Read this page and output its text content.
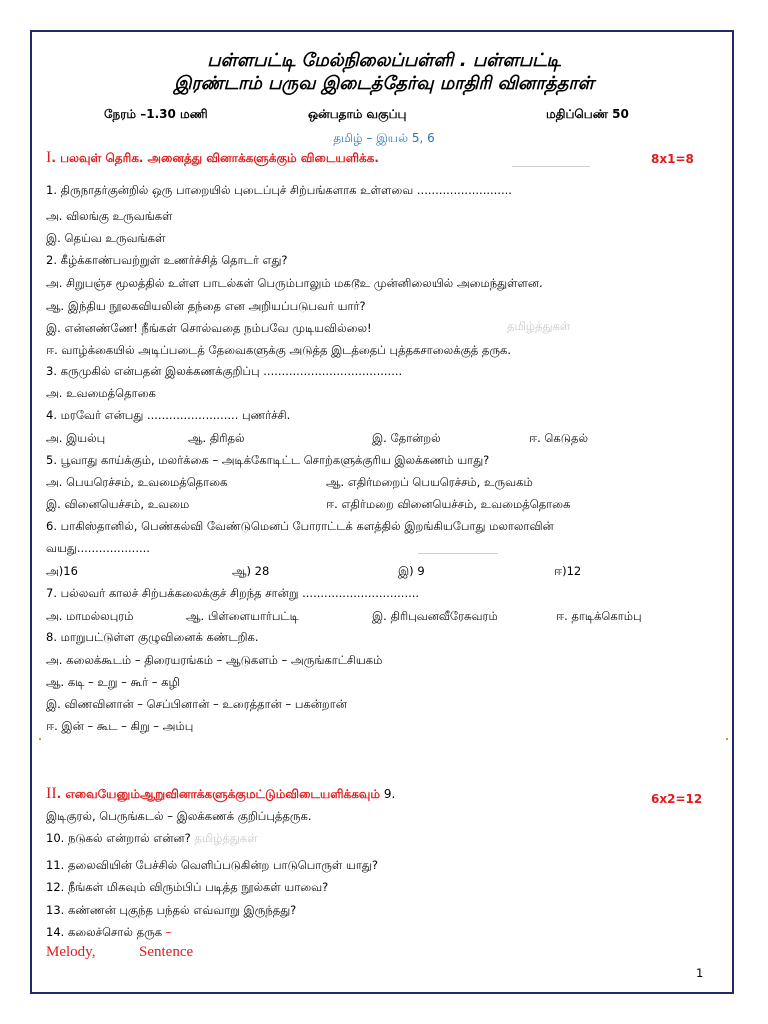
பள்ளபட்டி மேல்நிலைப்பள்ளி . பள்ளபட்டி
இரண்டாம் பருவ இடைத்தேர்வு மாதிரி வினாத்தாள்
நேரம் –1.30 மணி	ஒன்பதாம் வகுப்பு	மதிப்பெண் 50
தமிழ் – இயல் 5, 6
I. பலவுள் தெரிக. அனைத்து வினாக்களுக்கும் விடையளிக்க.	8x1=8
1. திருநாதர்குன்றில் ஒரு பாறையில் புடைப்புச் சிற்பங்களாக உள்ளவை ..........................
அ. விலங்கு உருவங்கள்
இ. தெய்வ உருவங்கள்
2. கீழ்க்காண்பவற்றுள் உணர்ச்சித் தொடர் எது?
அ. சிறுபஞ்ச மூலத்தில் உள்ள பாடல்கள் பெரும்பாலும் மகடூஉ முன்னிலையில் அமைந்துள்ளன.
ஆ. இந்திய நூலகவியலின் தந்தை என அறியப்படுபவர் யார்?
இ. என்னண்ணே! நீங்கள் சொல்வதை நம்பவே முடியவில்லை!	தமிழ்த்துகள்
ஈ. வாழ்க்கையில் அடிப்படைத் தேவைகளுக்கு அடுத்த இடத்தைப் புத்தகசாலைக்குத் தருக.
3. கருமுகில் என்பதன் இலக்கணக்குறிப்பு ......................................
அ. உவமைத்தொகை
4. மரவேர் என்பது ......................... புணர்ச்சி.
அ. இயல்பு	ஆ. திரிதல்	இ. தோன்றல்	ஈ. கெடுதல்
5. பூவாது காய்க்கும், மலர்க்கை – அடிக்கோடிட்ட சொற்களுக்குரிய இலக்கணம் யாது?
அ. பெயரெச்சம், உவமைத்தொகை	ஆ. எதிர்மறைப் பெயரெச்சம், உருவகம்
இ. வினையெச்சம், உவமை	ஈ. எதிர்மறை வினையெச்சம், உவமைத்தொகை
6. பாகிஸ்தானில், பெண்கல்வி வேண்டுமெனப் போராட்டக் களத்தில் இறங்கியபோது மலாலாவின்
வயது....................
அ)16	ஆ) 28	இ) 9	ஈ)12
7. பல்லவர் காலச் சிற்பக்கலைக்குச் சிறந்த சான்று ................................
அ. மாமல்லபுரம்	ஆ. பிள்ளையார்பட்டி	இ. திரிபுவனவீரேசுவரம்	ஈ. தாடிக்கொம்பு
8. மாறுபட்டுள்ள குழுவினைக் கண்டறிக.
அ. கலைக்கூடம் – திரையரங்கம் – ஆடுகளம் – அருங்காட்சியகம்
ஆ. கடி – உறு – கூர் – கழி
இ. விணவினான் – செப்பினான் – உரைத்தான் – பகன்றான்
ஈ. இன் – கூட – கிறு – அம்பு
II. எவையேனும்ஆறுவினாக்களுக்குமட்டும்விடையளிக்கவும் 9.	6x2=12
இடிகுரல், பெருங்கடல் – இலக்கணக் குறிப்புத்தருக.
10. நடுகல் என்றால் என்ன? தமிழ்த்துகள்
11. தலைவியின் பேச்சில் வெளிப்படுகின்ற பாடுபொருள் யாது?
12. நீங்கள் மிகவும் விரும்பிப் படித்த நூல்கள் யாவை?
13. கண்ணன் புகுந்த பந்தல் எவ்வாறு இருந்தது?
14. கலைச்சொல் தருக –
Melody,	Sentence
1
